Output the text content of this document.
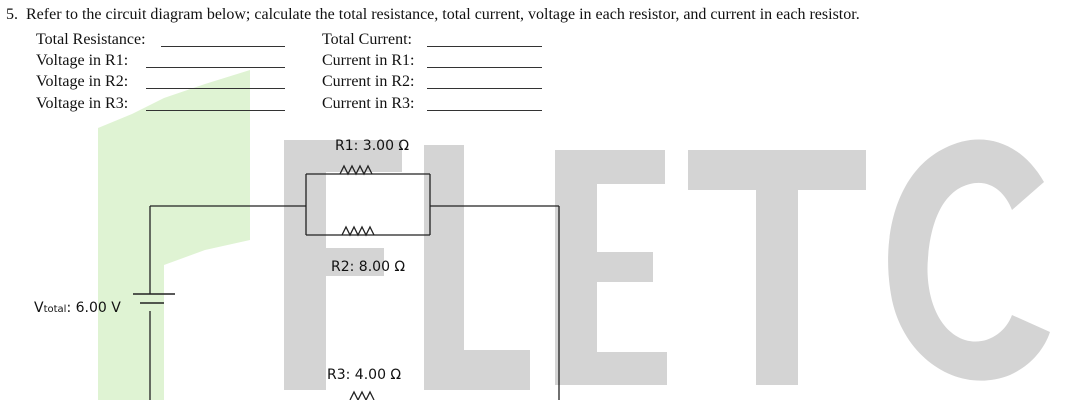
5. Refer to the circuit diagram below; calculate the total resistance, total current, voltage in each resistor, and current in each resistor.
Total Resistance:
Voltage in R1:
Voltage in R2:
Voltage in R3:
Total Current:
Current in R1:
Current in R2:
Current in R3:
R1: 3.00 Ω
R2: 8.00 Ω
R3: 4.00 Ω
Vtotal: 6.00 V
